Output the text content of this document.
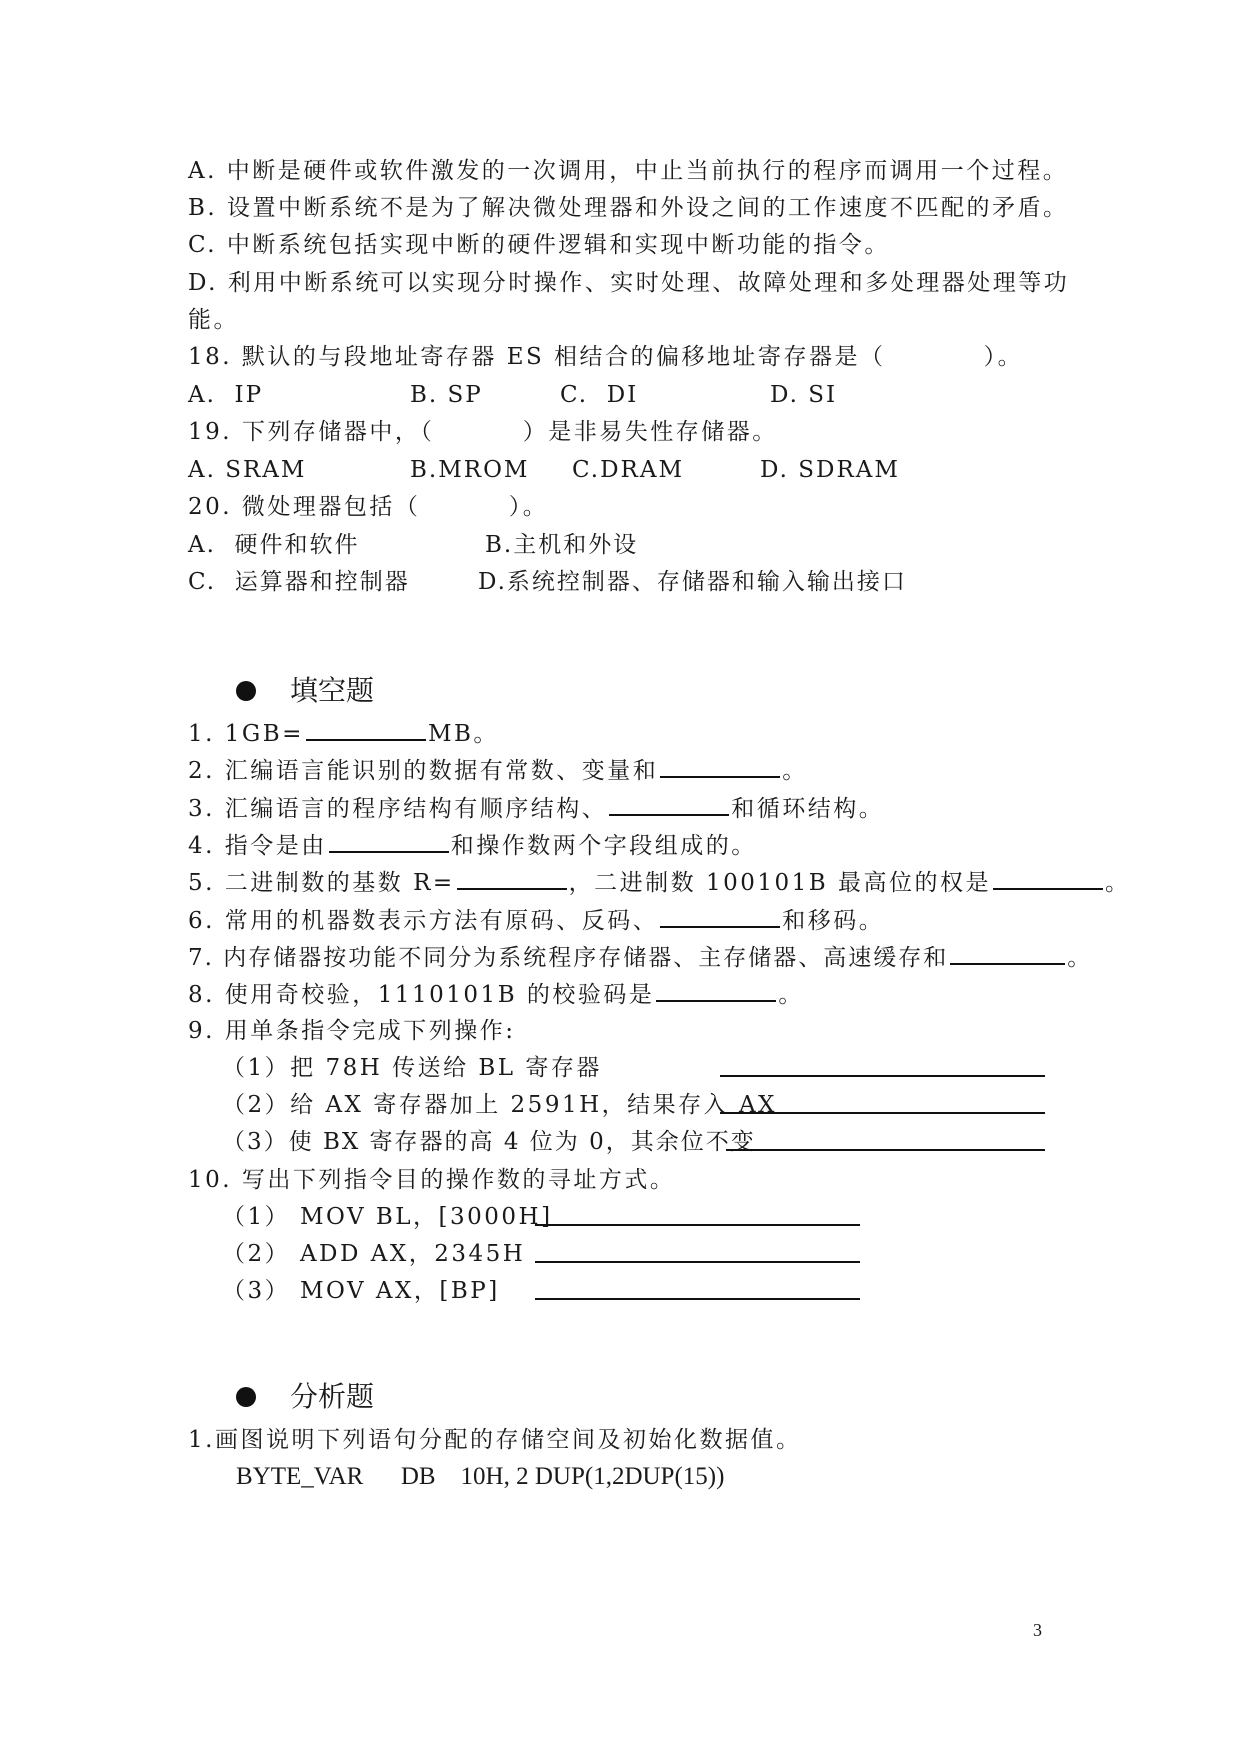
A. 中断是硬件或软件激发的一次调用，中止当前执行的程序而调用一个过程。
B. 设置中断系统不是为了解决微处理器和外设之间的工作速度不匹配的矛盾。
C. 中断系统包括实现中断的硬件逻辑和实现中断功能的指令。
D. 利用中断系统可以实现分时操作、实时处理、故障处理和多处理器处理等功
能。
18. 默认的与段地址寄存器 ES 相结合的偏移地址寄存器是（          ）。
A.  IP	B. SP	C.  DI	D. SI
19. 下列存储器中，（         ）是非易失性存储器。
A. SRAM	B.MROM C.DRAM	D. SDRAM
20. 微处理器包括（         ）。
A.  硬件和软件	B.主机和外设
C.  运算器和控制器	D.系统控制器、存储器和输入输出接口
填空题
1. 1GB=	MB。
2. 汇编语言能识别的数据有常数、变量和	。
3. 汇编语言的程序结构有顺序结构、	和循环结构。
4. 指令是由	和操作数两个字段组成的。
5. 二进制数的基数 R=	，二进制数 100101B 最高位的权是	。
6. 常用的机器数表示方法有原码、反码、	和移码。
7. 内存储器按功能不同分为系统程序存储器、主存储器、高速缓存和	。
8. 使用奇校验，1110101B 的校验码是	。
9. 用单条指令完成下列操作:
（1）把 78H 传送给 BL 寄存器
（2）给 AX 寄存器加上 2591H，结果存入 AX
（3）使 BX 寄存器的高 4 位为 0，其余位不变
10. 写出下列指令目的操作数的寻址方式。
（1） MOV BL，[3000H]
（2） ADD AX，2345H
（3） MOV AX，[BP]
分析题
1.画图说明下列语句分配的存储空间及初始化数据值。
BYTE_VAR      DB    10H, 2 DUP(1,2DUP(15))
3
